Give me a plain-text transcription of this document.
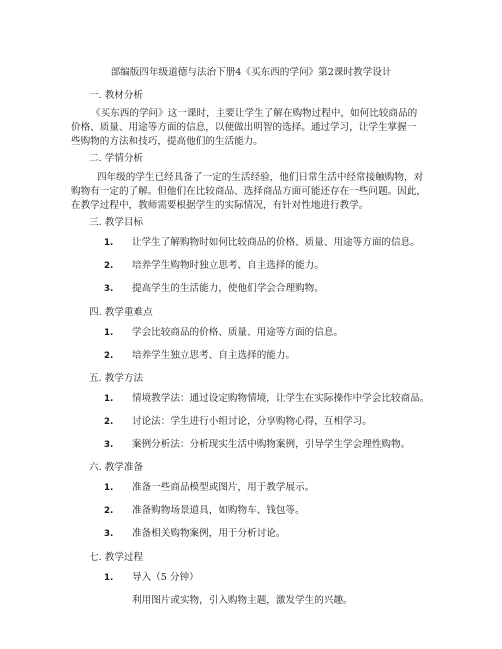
部编版四年级道德与法治下册4《买东西的学问》第2课时教学设计
一. 教材分析
《买东西的学问》这一课时，主要让学生了解在购物过程中，如何比较商品的
价格、质量、用途等方面的信息，以便做出明智的选择。通过学习，让学生掌握一
些购物的方法和技巧，提高他们的生活能力。
二. 学情分析
四年级的学生已经具备了一定的生活经验，他们日常生活中经常接触购物，对
购物有一定的了解。但他们在比较商品、选择商品方面可能还存在一些问题。因此，
在教学过程中，教师需要根据学生的实际情况，有针对性地进行教学。
三. 教学目标
1. 让学生了解购物时如何比较商品的价格、质量、用途等方面的信息。
2. 培养学生购物时独立思考、自主选择的能力。
3. 提高学生的生活能力，使他们学会合理购物。
四. 教学重难点
1. 学会比较商品的价格、质量、用途等方面的信息。
2. 培养学生独立思考、自主选择的能力。
五. 教学方法
1. 情境教学法：通过设定购物情境，让学生在实际操作中学会比较商品。
2. 讨论法：学生进行小组讨论，分享购物心得，互相学习。
3. 案例分析法：分析现实生活中购物案例，引导学生学会理性购物。
六. 教学准备
1. 准备一些商品模型或图片，用于教学展示。
2. 准备购物场景道具，如购物车、钱包等。
3. 准备相关购物案例，用于分析讨论。
七. 教学过程
1. 导入（5 分钟）
利用图片或实物，引入购物主题，激发学生的兴趣。
